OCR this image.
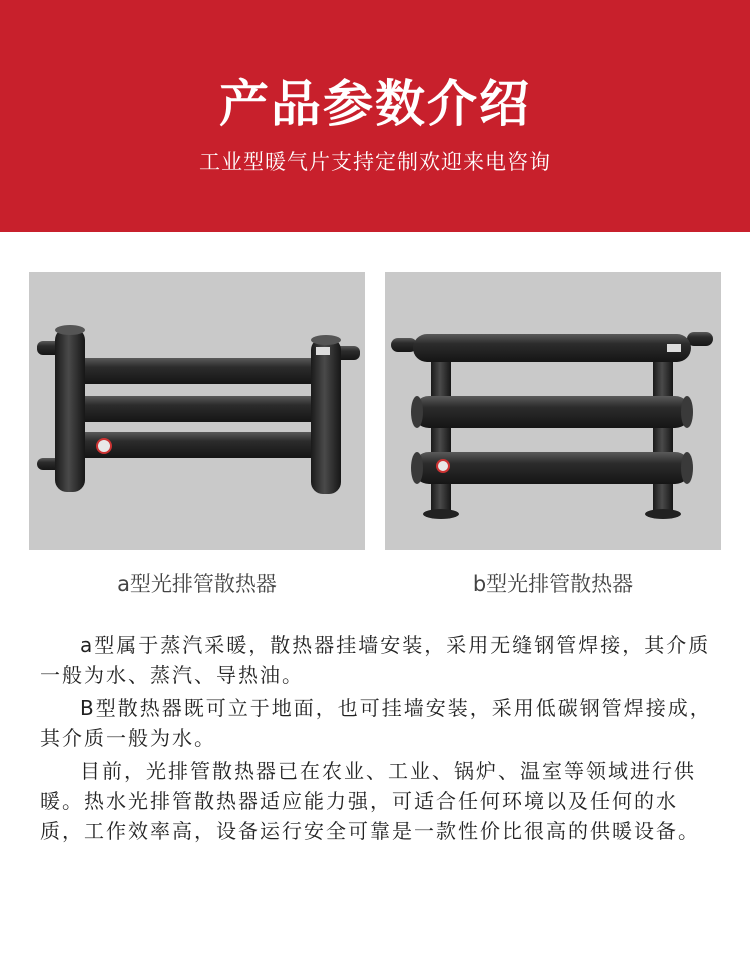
产品参数介绍
工业型暖气片支持定制欢迎来电咨询
a型光排管散热器	b型光排管散热器

a型属于蒸汽采暖，散热器挂墙安装，采用无缝钢管焊接，其介质一般为水、蒸汽、导热油。

B型散热器既可立于地面，也可挂墙安装，采用低碳钢管焊接成，其介质一般为水。

目前，光排管散热器已在农业、工业、锅炉、温室等领域进行供暖。热水光排管散热器适应能力强，可适合任何环境以及任何的水质，工作效率高，设备运行安全可靠是一款性价比很高的供暖设备。
